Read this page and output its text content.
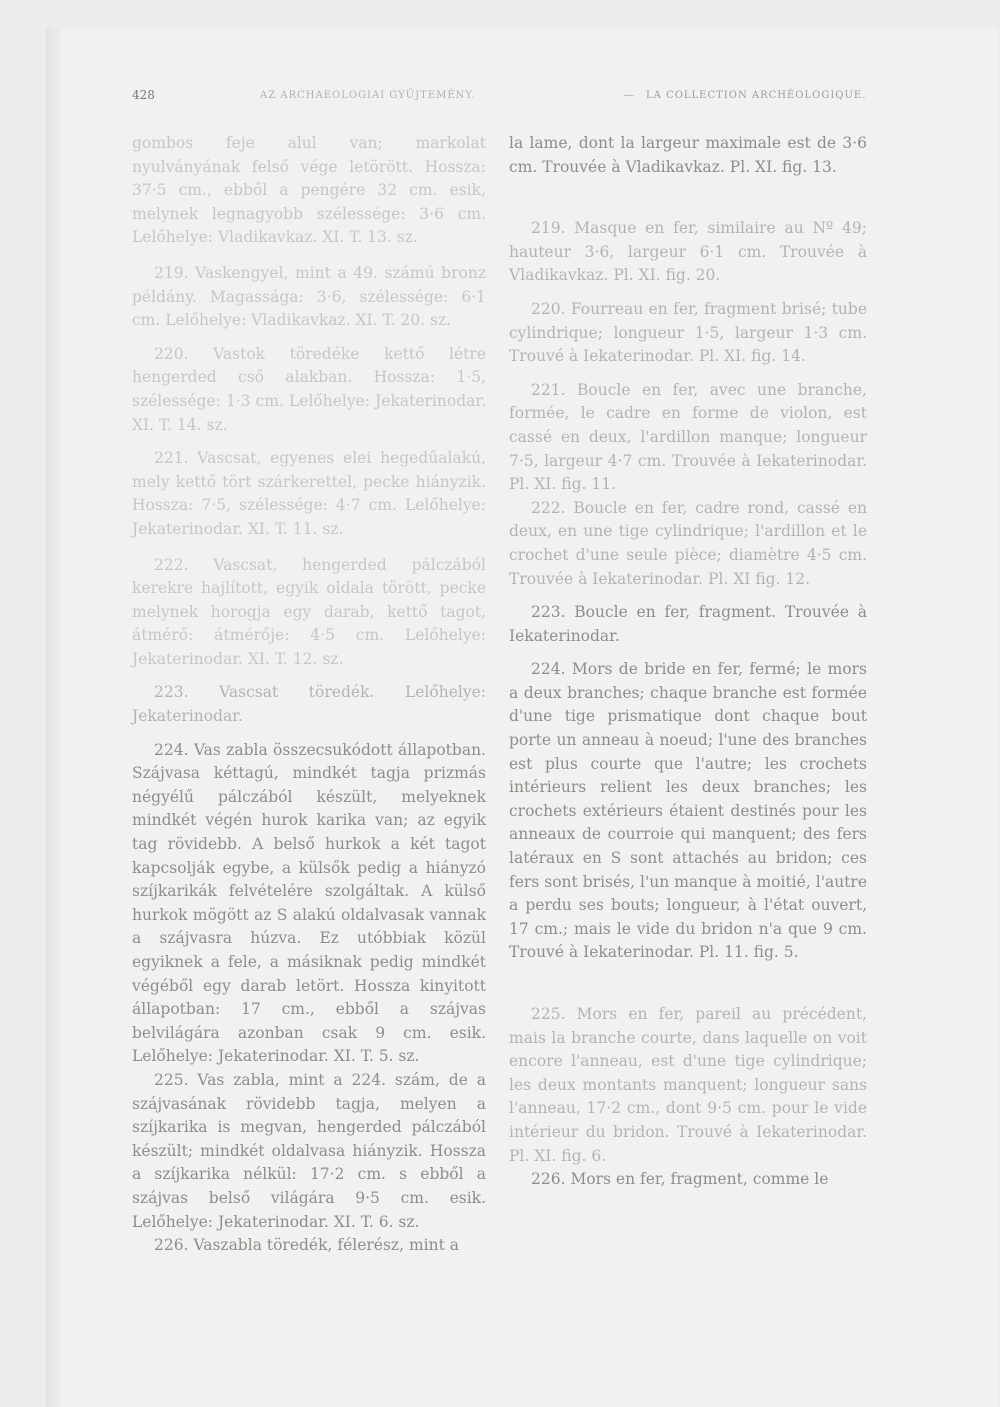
428	AZ ARCHAEOLOGIAI GYŰJTEMÉNY.	— LA COLLECTION ARCHÉOLOGIQUE.

gombos feje alul van; markolat nyulványának felső vége letörött. Hossza: 37·5 cm., ebből a pengére 32 cm. esik, melynek legnagyobb szélessége: 3·6 cm. Lelőhelye: Vladikavkaz. XI. T. 13. sz.

219. Vaskengyel, mint a 49. számú bronz példány. Magassága: 3·6, szélessége: 6·1 cm. Lelőhelye: Vladikavkaz. XI. T. 20. sz.

220. Vastok töredéke kettő létre hengerded cső alakban. Hossza: 1·5, szélessége: 1·3 cm. Lelőhelye: Jekaterinodar. XI. T. 14. sz.

221. Vascsat, egyenes elei hegedűalakú, mely kettő tört szárkerettel, pecke hiányzik. Hossza: 7·5, szélessége: 4·7 cm. Lelőhelye: Jekaterinodar. XI. T. 11. sz.

222. Vascsat, hengerded pálczából kerekre hajlított, egyik oldala törött, pecke melynek horogja egy darab, kettő tagot, átmérő: átmérője: 4·5 cm. Lelőhelye: Jekaterinodar. XI. T. 12. sz.

223. Vascsat töredék. Lelőhelye: Jekaterinodar.

224. Vas zabla összecsukódott állapotban. Szájvasa kéttagú, mindkét tagja prizmás négyélű pálczából készült, melyeknek mindkét végén hurok karika van; az egyik tag rövidebb. A belső hurkok a két tagot kapcsolják egybe, a külsők pedig a hiányzó szíjkarikák felvételére szolgáltak. A külső hurkok mögött az S alakú oldalvasak vannak a szájvasra húzva. Ez utóbbiak közül egyiknek a fele, a másiknak pedig mindkét végéből egy darab letört. Hossza kinyitott állapotban: 17 cm., ebből a szájvas belvilágára azonban csak 9 cm. esik. Lelőhelye: Jekaterinodar. XI. T. 5. sz.

225. Vas zabla, mint a 224. szám, de a szájvasának rövidebb tagja, melyen a szíjkarika is megvan, hengerded pálczából készült; mindkét oldalvasa hiányzik. Hossza a szíjkarika nélkül: 17·2 cm. s ebből a szájvas belső világára 9·5 cm. esik. Lelőhelye: Jekaterinodar. XI. T. 6. sz.

226. Vaszabla töredék, félerész, mint a

la lame, dont la largeur maximale est de 3·6 cm. Trouvée à Vladikavkaz. Pl. XI. fig. 13.

219. Masque en fer, similaire au Nº 49; hauteur 3·6, largeur 6·1 cm. Trouvée à Vladikavkaz. Pl. XI. fig. 20.

220. Fourreau en fer, fragment brisé; tube cylindrique; longueur 1·5, largeur 1·3 cm. Trouvé à Iekaterinodar. Pl. XI. fig. 14.

221. Boucle en fer, avec une branche, formée, le cadre en forme de violon, est cassé en deux, l'ardillon manque; longueur 7·5, largeur 4·7 cm. Trouvée à Iekaterinodar. Pl. XI. fig. 11.

222. Boucle en fer, cadre rond, cassé en deux, en une tige cylindrique; l'ardillon et le crochet d'une seule pièce; diamètre 4·5 cm. Trouvée à Iekaterinodar. Pl. XI fig. 12.

223. Boucle en fer, fragment. Trouvée à Iekaterinodar.

224. Mors de bride en fer, fermé; le mors a deux branches; chaque branche est formée d'une tige prismatique dont chaque bout porte un anneau à noeud; l'une des branches est plus courte que l'autre; les crochets intérieurs relient les deux branches; les crochets extérieurs étaient destinés pour les anneaux de courroie qui manquent; des fers latéraux en S sont attachés au bridon; ces fers sont brisés, l'un manque à moitié, l'autre a perdu ses bouts; longueur, à l'état ouvert, 17 cm.; mais le vide du bridon n'a que 9 cm. Trouvé à Iekaterinodar. Pl. 11. fig. 5.

225. Mors en fer, pareil au précédent, mais la branche courte, dans laquelle on voit encore l'anneau, est d'une tige cylindrique; les deux montants manquent; longueur sans l'anneau, 17·2 cm., dont 9·5 cm. pour le vide intérieur du bridon. Trouvé à Iekaterinodar. Pl. XI. fig. 6.

226. Mors en fer, fragment, comme le
